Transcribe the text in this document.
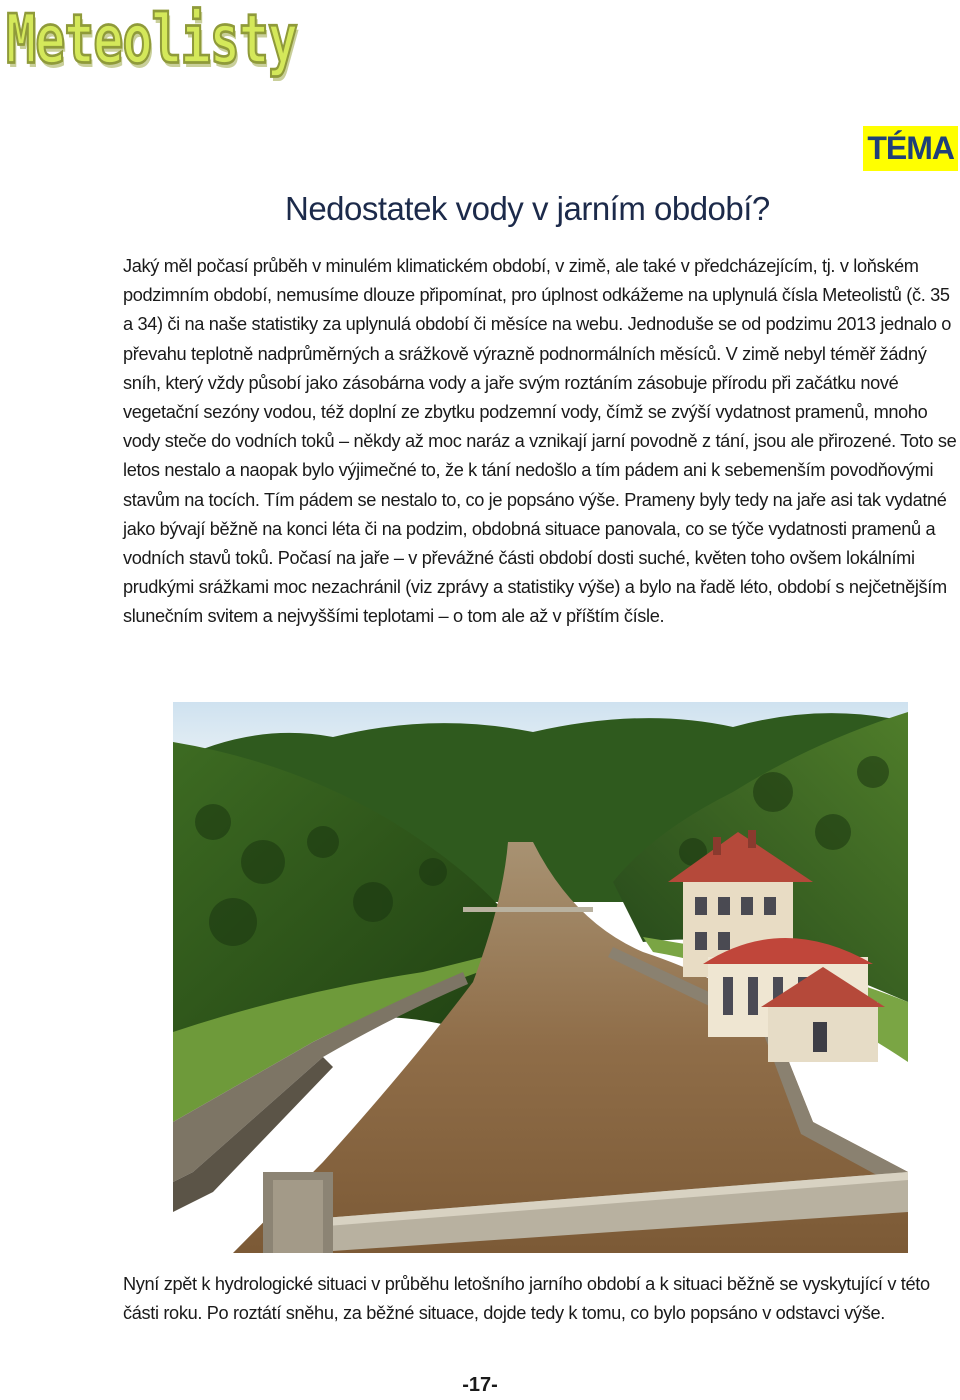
Meteolisty
TÉMA
Nedostatek vody v jarním období?

Jaký měl počasí průběh v minulém klimatickém období, v zimě, ale také v předcházejícím, tj. v loňském podzimním období, nemusíme dlouze připomínat, pro úplnost odkážeme na uplynulá čísla Meteolistů (č. 35 a 34) či na naše statistiky za uplynulá období či měsíce na webu. Jednoduše se od podzimu 2013 jednalo o převahu teplotně nadprůměrných a srážkově výrazně podnormálních měsíců. V zimě nebyl téměř žádný sníh, který vždy působí jako zásobárna vody a jaře svým roztáním zásobuje přírodu při začátku nové vegetační sezóny vodou, též doplní ze zbytku podzemní vody, čímž se zvýší vydatnost pramenů, mnoho vody steče do vodních toků – někdy až moc naráz a vznikají jarní povodně z tání, jsou ale přirozené. Toto se letos nestalo a naopak bylo výjimečné to, že k tání nedošlo a tím pádem ani k sebemenším povodňovými stavům na tocích. Tím pádem se nestalo to, co je popsáno výše. Prameny byly tedy na jaře asi tak vydatné jako bývají běžně na konci léta či na podzim, obdobná situace panovala, co se týče vydatnosti pramenů a vodních stavů toků. Počasí na jaře – v převážné části období dosti suché, květen toho ovšem lokálními prudkými srážkami moc nezachránil (viz zprávy a statistiky výše) a bylo na řadě léto, období s nejčetnějším slunečním svitem a nejvyššími teplotami – o tom ale až v příštím čísle.

Nyní zpět k hydrologické situaci v průběhu letošního jarního období a k situaci běžně se vyskytující v této části roku. Po roztátí sněhu, za běžné situace, dojde tedy k tomu, co bylo popsáno v odstavci výše.

-17-
